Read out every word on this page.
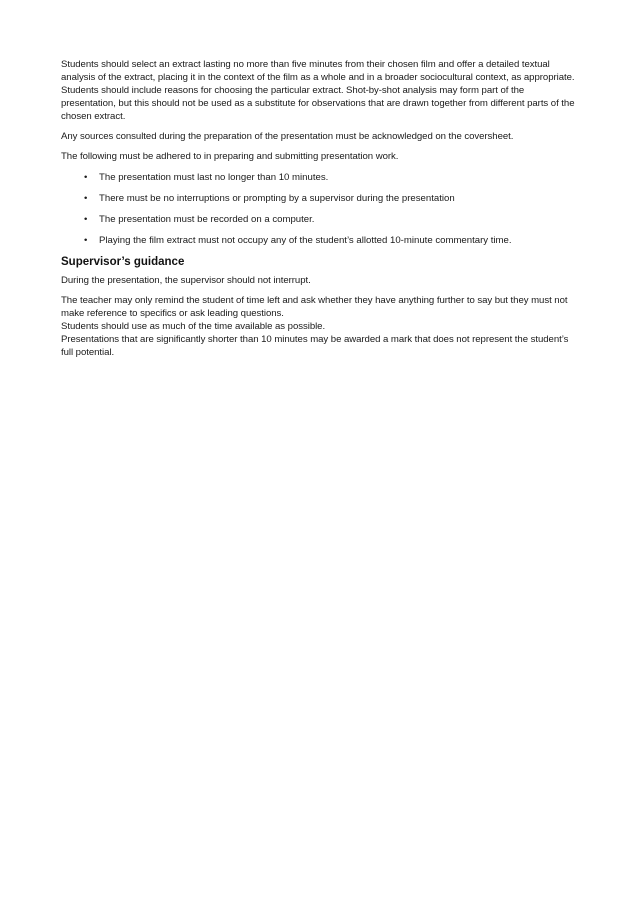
Students should select an extract lasting no more than five minutes from their chosen film and offer a detailed textual analysis of the extract, placing it in the context of the film as a whole and in a broader sociocultural context, as appropriate. Students should include reasons for choosing the particular extract. Shot-by-shot analysis may form part of the presentation, but this should not be used as a substitute for observations that are drawn together from different parts of the chosen extract.

Any sources consulted during the preparation of the presentation must be acknowledged on the coversheet.

The following must be adhered to in preparing and submitting presentation work.

• The presentation must last no longer than 10 minutes.
• There must be no interruptions or prompting by a supervisor during the presentation
• The presentation must be recorded on a computer.
• Playing the film extract must not occupy any of the student’s allotted 10-minute commentary time.
Supervisor’s guidance

During the presentation, the supervisor should not interrupt.

The teacher may only remind the student of time left and ask whether they have anything further to say but they must not make reference to specifics or ask leading questions.

Students should use as much of the time available as possible.

Presentations that are significantly shorter than 10 minutes may be awarded a mark that does not represent the student’s full potential.
